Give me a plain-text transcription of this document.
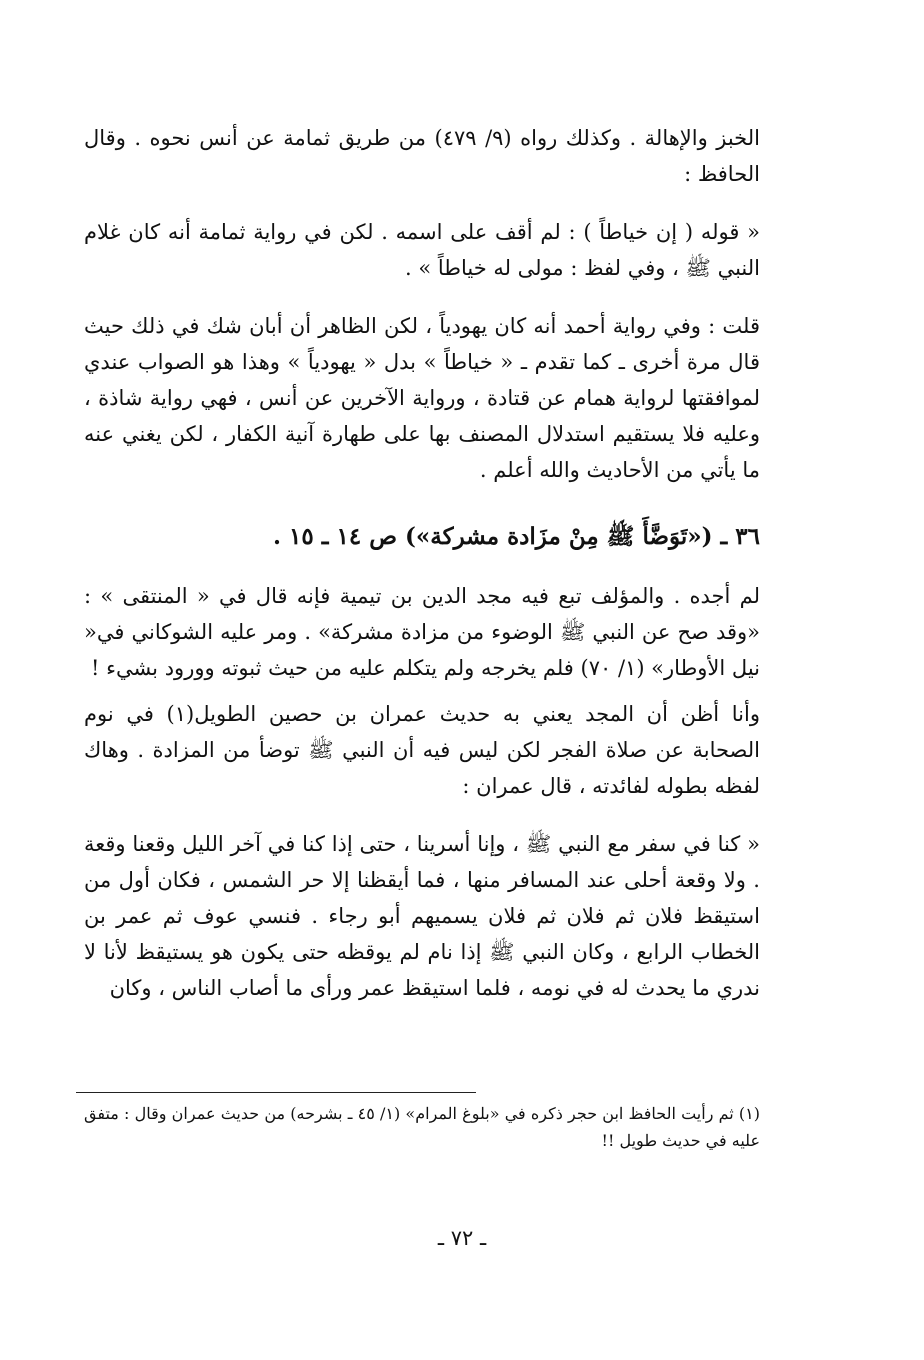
الخبز والإهالة . وكذلك رواه (٩/ ٤٧٩) من طريق ثمامة عن أنس نحوه . وقال الحافظ :

« قوله ( إن خياطاً ) : لم أقف على اسمه . لكن في رواية ثمامة أنه كان غلام النبي ﷺ ، وفي لفظ : مولى له خياطاً » .

قلت : وفي رواية أحمد أنه كان يهودياً ، لكن الظاهر أن أبان شك في ذلك حيث قال مرة أخرى ـ كما تقدم ـ « خياطاً » بدل « يهودياً » وهذا هو الصواب عندي لموافقتها لرواية همام عن قتادة ، ورواية الآخرين عن أنس ، فهي رواية شاذة ، وعليه فلا يستقيم استدلال المصنف بها على طهارة آنية الكفار ، لكن يغني عنه ما يأتي من الأحاديث والله أعلم .

٣٦ ـ («تَوَضَّأَ ﷺ مِنْ مزَادة مشركة») ص ١٤ ـ ١٥ .

لم أجده . والمؤلف تبع فيه مجد الدين بن تيمية فإنه قال في « المنتقى » : «وقد صح عن النبي ﷺ الوضوء من مزادة مشركة» . ومر عليه الشوكاني في« نيل الأوطار» (١/ ٧٠) فلم يخرجه ولم يتكلم عليه من حيث ثبوته وورود بشيء !

وأنا أظن أن المجد يعني به حديث عمران بن حصين الطويل(١) في نوم الصحابة عن صلاة الفجر لكن ليس فيه أن النبي ﷺ توضأ من المزادة . وهاك لفظه بطوله لفائدته ، قال عمران :

« كنا في سفر مع النبي ﷺ ، وإنا أسرينا ، حتى إذا كنا في آخر الليل وقعنا وقعة . ولا وقعة أحلى عند المسافر منها ، فما أيقظنا إلا حر الشمس ، فكان أول من استيقظ فلان ثم فلان ثم فلان يسميهم أبو رجاء . فنسي عوف ثم عمر بن الخطاب الرابع ، وكان النبي ﷺ إذا نام لم يوقظه حتى يكون هو يستيقظ لأنا لا ندري ما يحدث له في نومه ، فلما استيقظ عمر ورأى ما أصاب الناس ، وكان

(١) ثم رأيت الحافظ ابن حجر ذكره في «بلوغ المرام» (١/ ٤٥ ـ بشرحه) من حديث عمران وقال : متفق عليه في حديث طويل !!
ـ ٧٢ ـ
